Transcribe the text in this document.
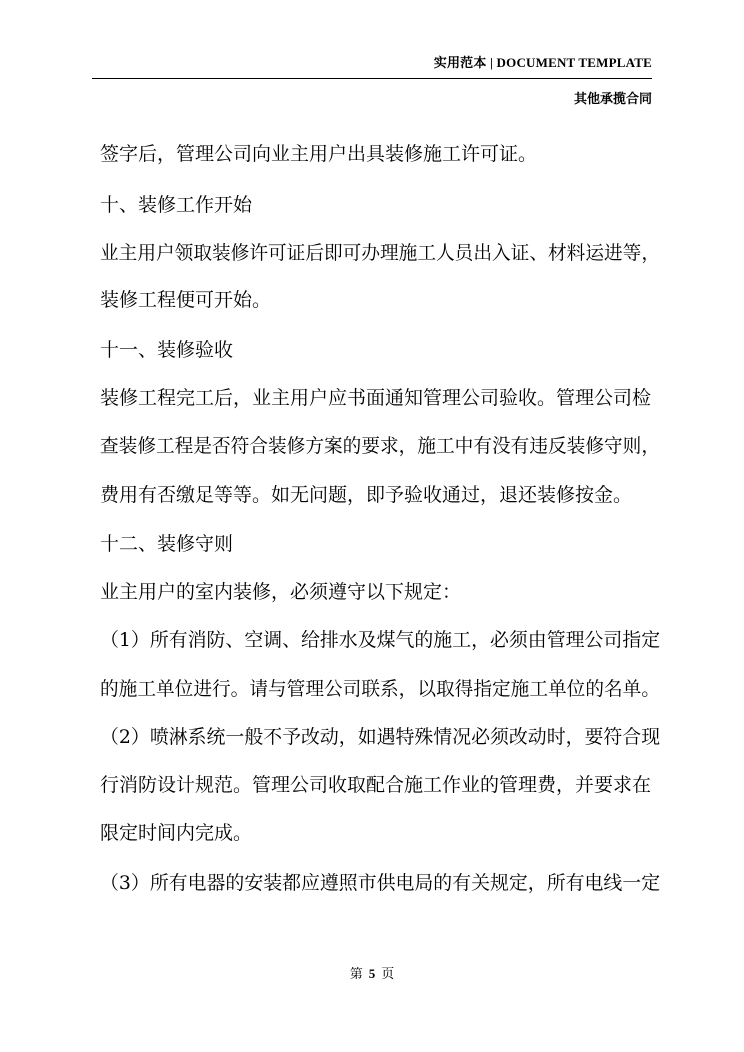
实用范本 | DOCUMENT TEMPLATE
其他承揽合同
签字后，管理公司向业主用户出具装修施工许可证。
十、装修工作开始
业主用户领取装修许可证后即可办理施工人员出入证、材料运进等，
装修工程便可开始。
十一、装修验收
装修工程完工后，业主用户应书面通知管理公司验收。管理公司检
查装修工程是否符合装修方案的要求，施工中有没有违反装修守则，
费用有否缴足等等。如无问题，即予验收通过，退还装修按金。
十二、装修守则
业主用户的室内装修，必须遵守以下规定：
（1）所有消防、空调、给排水及煤气的施工，必须由管理公司指定
的施工单位进行。请与管理公司联系，以取得指定施工单位的名单。
（2）喷淋系统一般不予改动，如遇特殊情况必须改动时，要符合现
行消防设计规范。管理公司收取配合施工作业的管理费，并要求在
限定时间内完成。
（3）所有电器的安装都应遵照市供电局的有关规定，所有电线一定
第 5 页
